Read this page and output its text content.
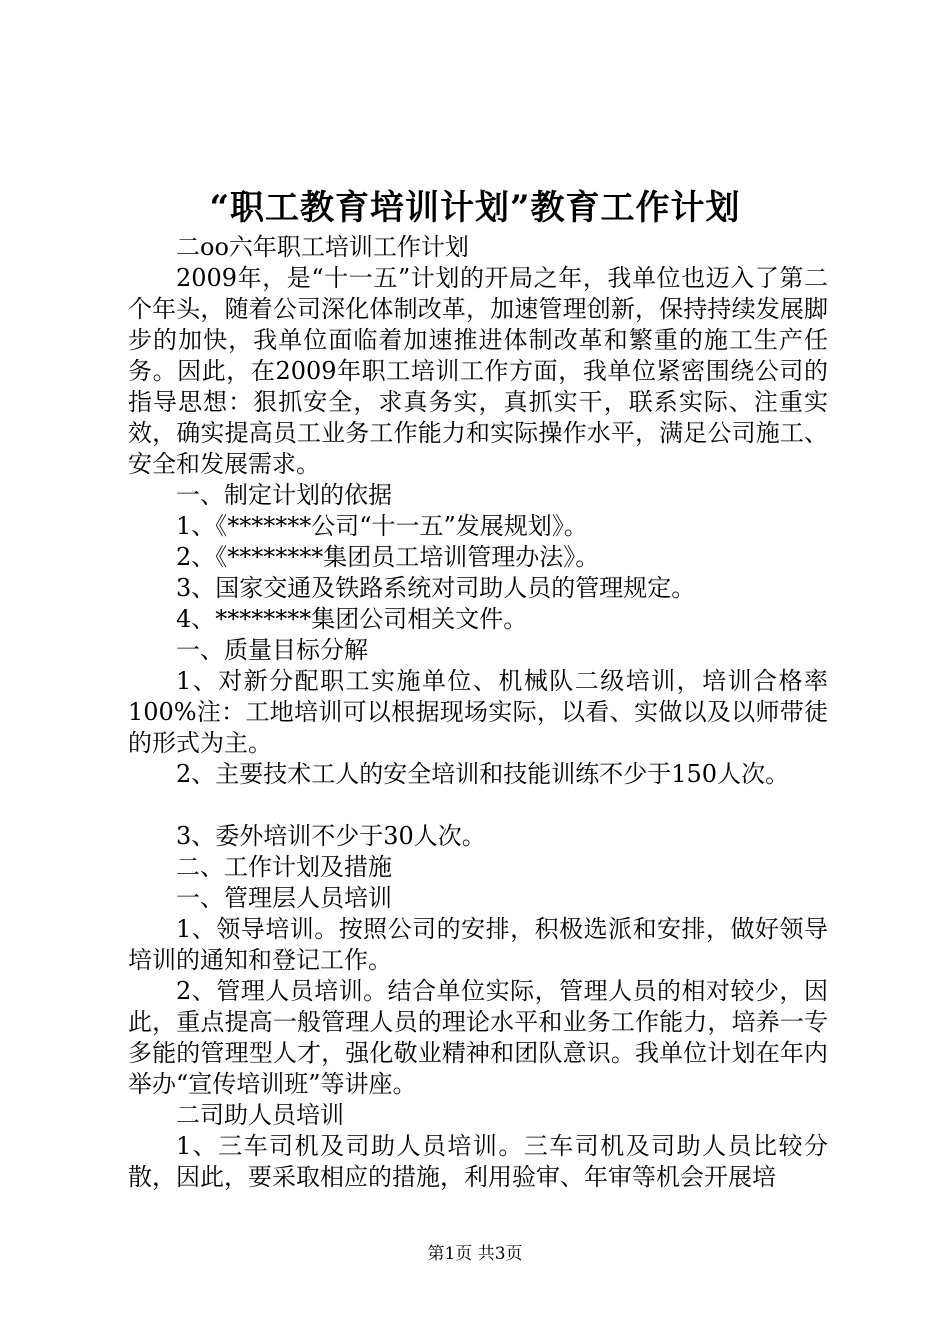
“职工教育培训计划”教育工作计划

二oo六年职工培训工作计划

2009年，是“十一五”计划的开局之年，我单位也迈入了第二个年头，随着公司深化体制改革，加速管理创新，保持持续发展脚步的加快，我单位面临着加速推进体制改革和繁重的施工生产任务。因此，在2009年职工培训工作方面，我单位紧密围绕公司的指导思想：狠抓安全，求真务实，真抓实干，联系实际、注重实效，确实提高员工业务工作能力和实际操作水平，满足公司施工、安全和发展需求。

一、制定计划的依据

1、《*******公司“十一五”发展规划》。

2、《********集团员工培训管理办法》。

3、国家交通及铁路系统对司助人员的管理规定。

4、********集团公司相关文件。

一、质量目标分解

1、对新分配职工实施单位、机械队二级培训，培训合格率100%注：工地培训可以根据现场实际，以看、实做以及以师带徒的形式为主。

2、主要技术工人的安全培训和技能训练不少于150人次。

3、委外培训不少于30人次。

二、工作计划及措施

一、管理层人员培训

1、领导培训。按照公司的安排，积极选派和安排，做好领导培训的通知和登记工作。

2、管理人员培训。结合单位实际，管理人员的相对较少，因此，重点提高一般管理人员的理论水平和业务工作能力，培养一专多能的管理型人才，强化敬业精神和团队意识。我单位计划在年内举办“宣传培训班”等讲座。

二司助人员培训

1、三车司机及司助人员培训。三车司机及司助人员比较分散，因此，要采取相应的措施，利用验审、年审等机会开展培

第1页 共3页
